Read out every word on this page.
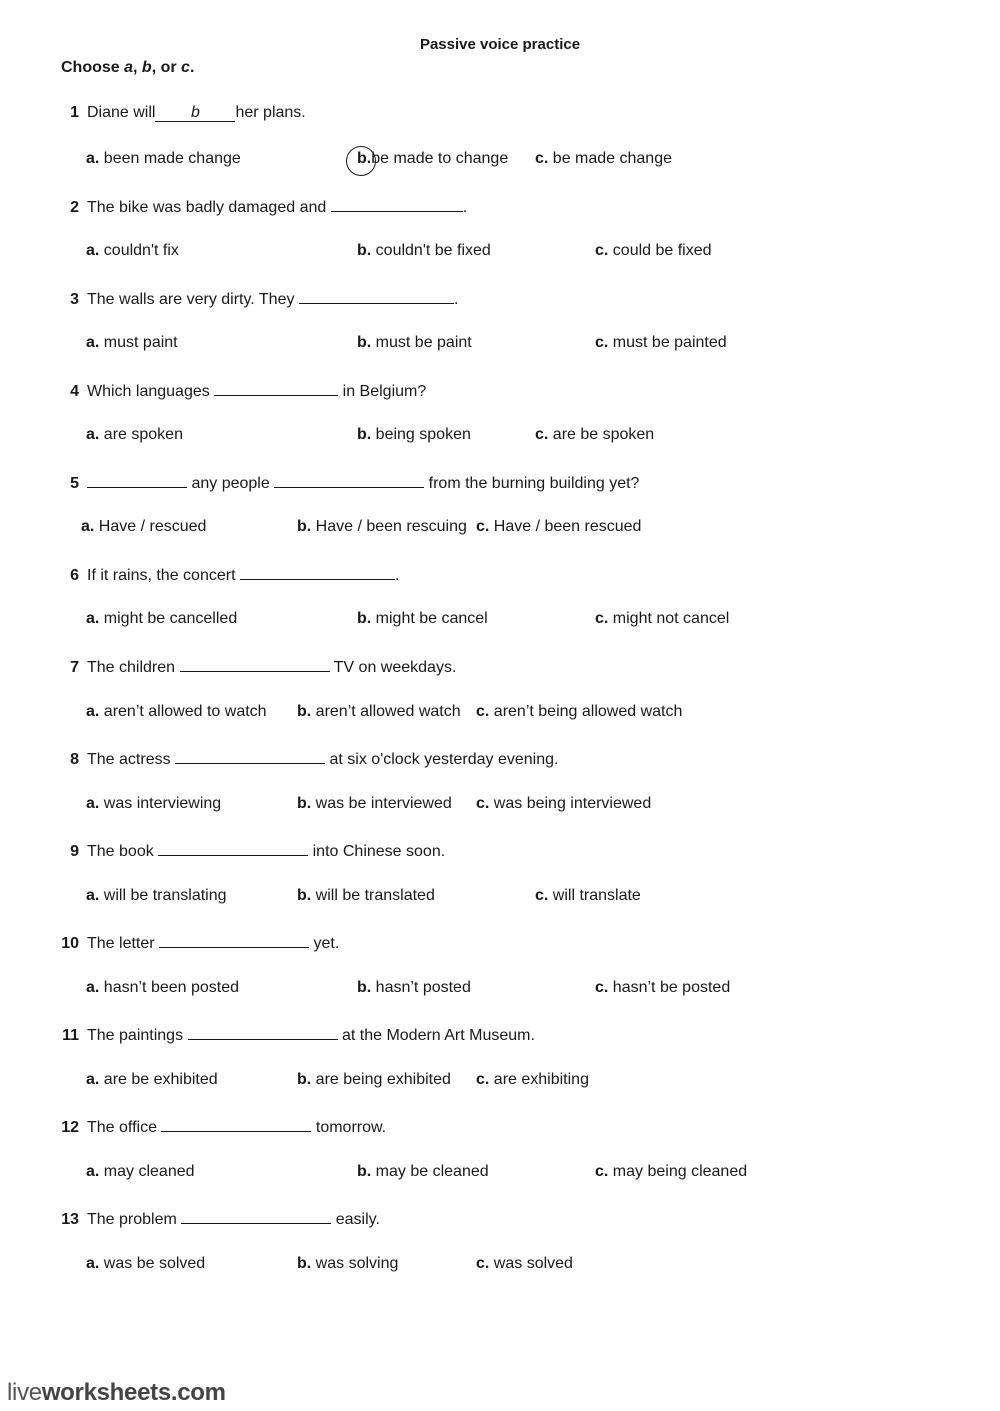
Passive voice practice
Choose a, b, or c.
1 Diane will b her plans.
a. been made change	b.be made to change c. be made change
2 The bike was badly damaged and	.
a. couldn't fix	b. couldn't be fixed	c. could be fixed
3 The walls are very dirty. They	.
a. must paint	b. must be paint	c. must be painted
4 Which languages	in Belgium?
a. are spoken	b. being spoken	c. are be spoken
5	any people	from the burning building yet?
a. Have / rescued	b. Have / been rescuing c. Have / been rescued
6 If it rains, the concert	.
a. might be cancelled	b. might be cancel	c. might not cancel
7 The children	TV on weekdays.
a. aren’t allowed to watch b. aren’t allowed watch c. aren’t being allowed watch
8 The actress	at six o'clock yesterday evening.
a. was interviewing	b. was be interviewed c. was being interviewed
9 The book	into Chinese soon.
a. will be translating	b. will be translated	c. will translate
10 The letter	yet.
a. hasn’t been posted	b. hasn’t posted	c. hasn’t be posted
11 The paintings	at the Modern Art Museum.
a. are be exhibited	b. are being exhibited c. are exhibiting
12 The office	tomorrow.
a. may cleaned	b. may be cleaned	c. may being cleaned
13 The problem	easily.
a. was be solved	b. was solving	c. was solved
liveworksheets.com
